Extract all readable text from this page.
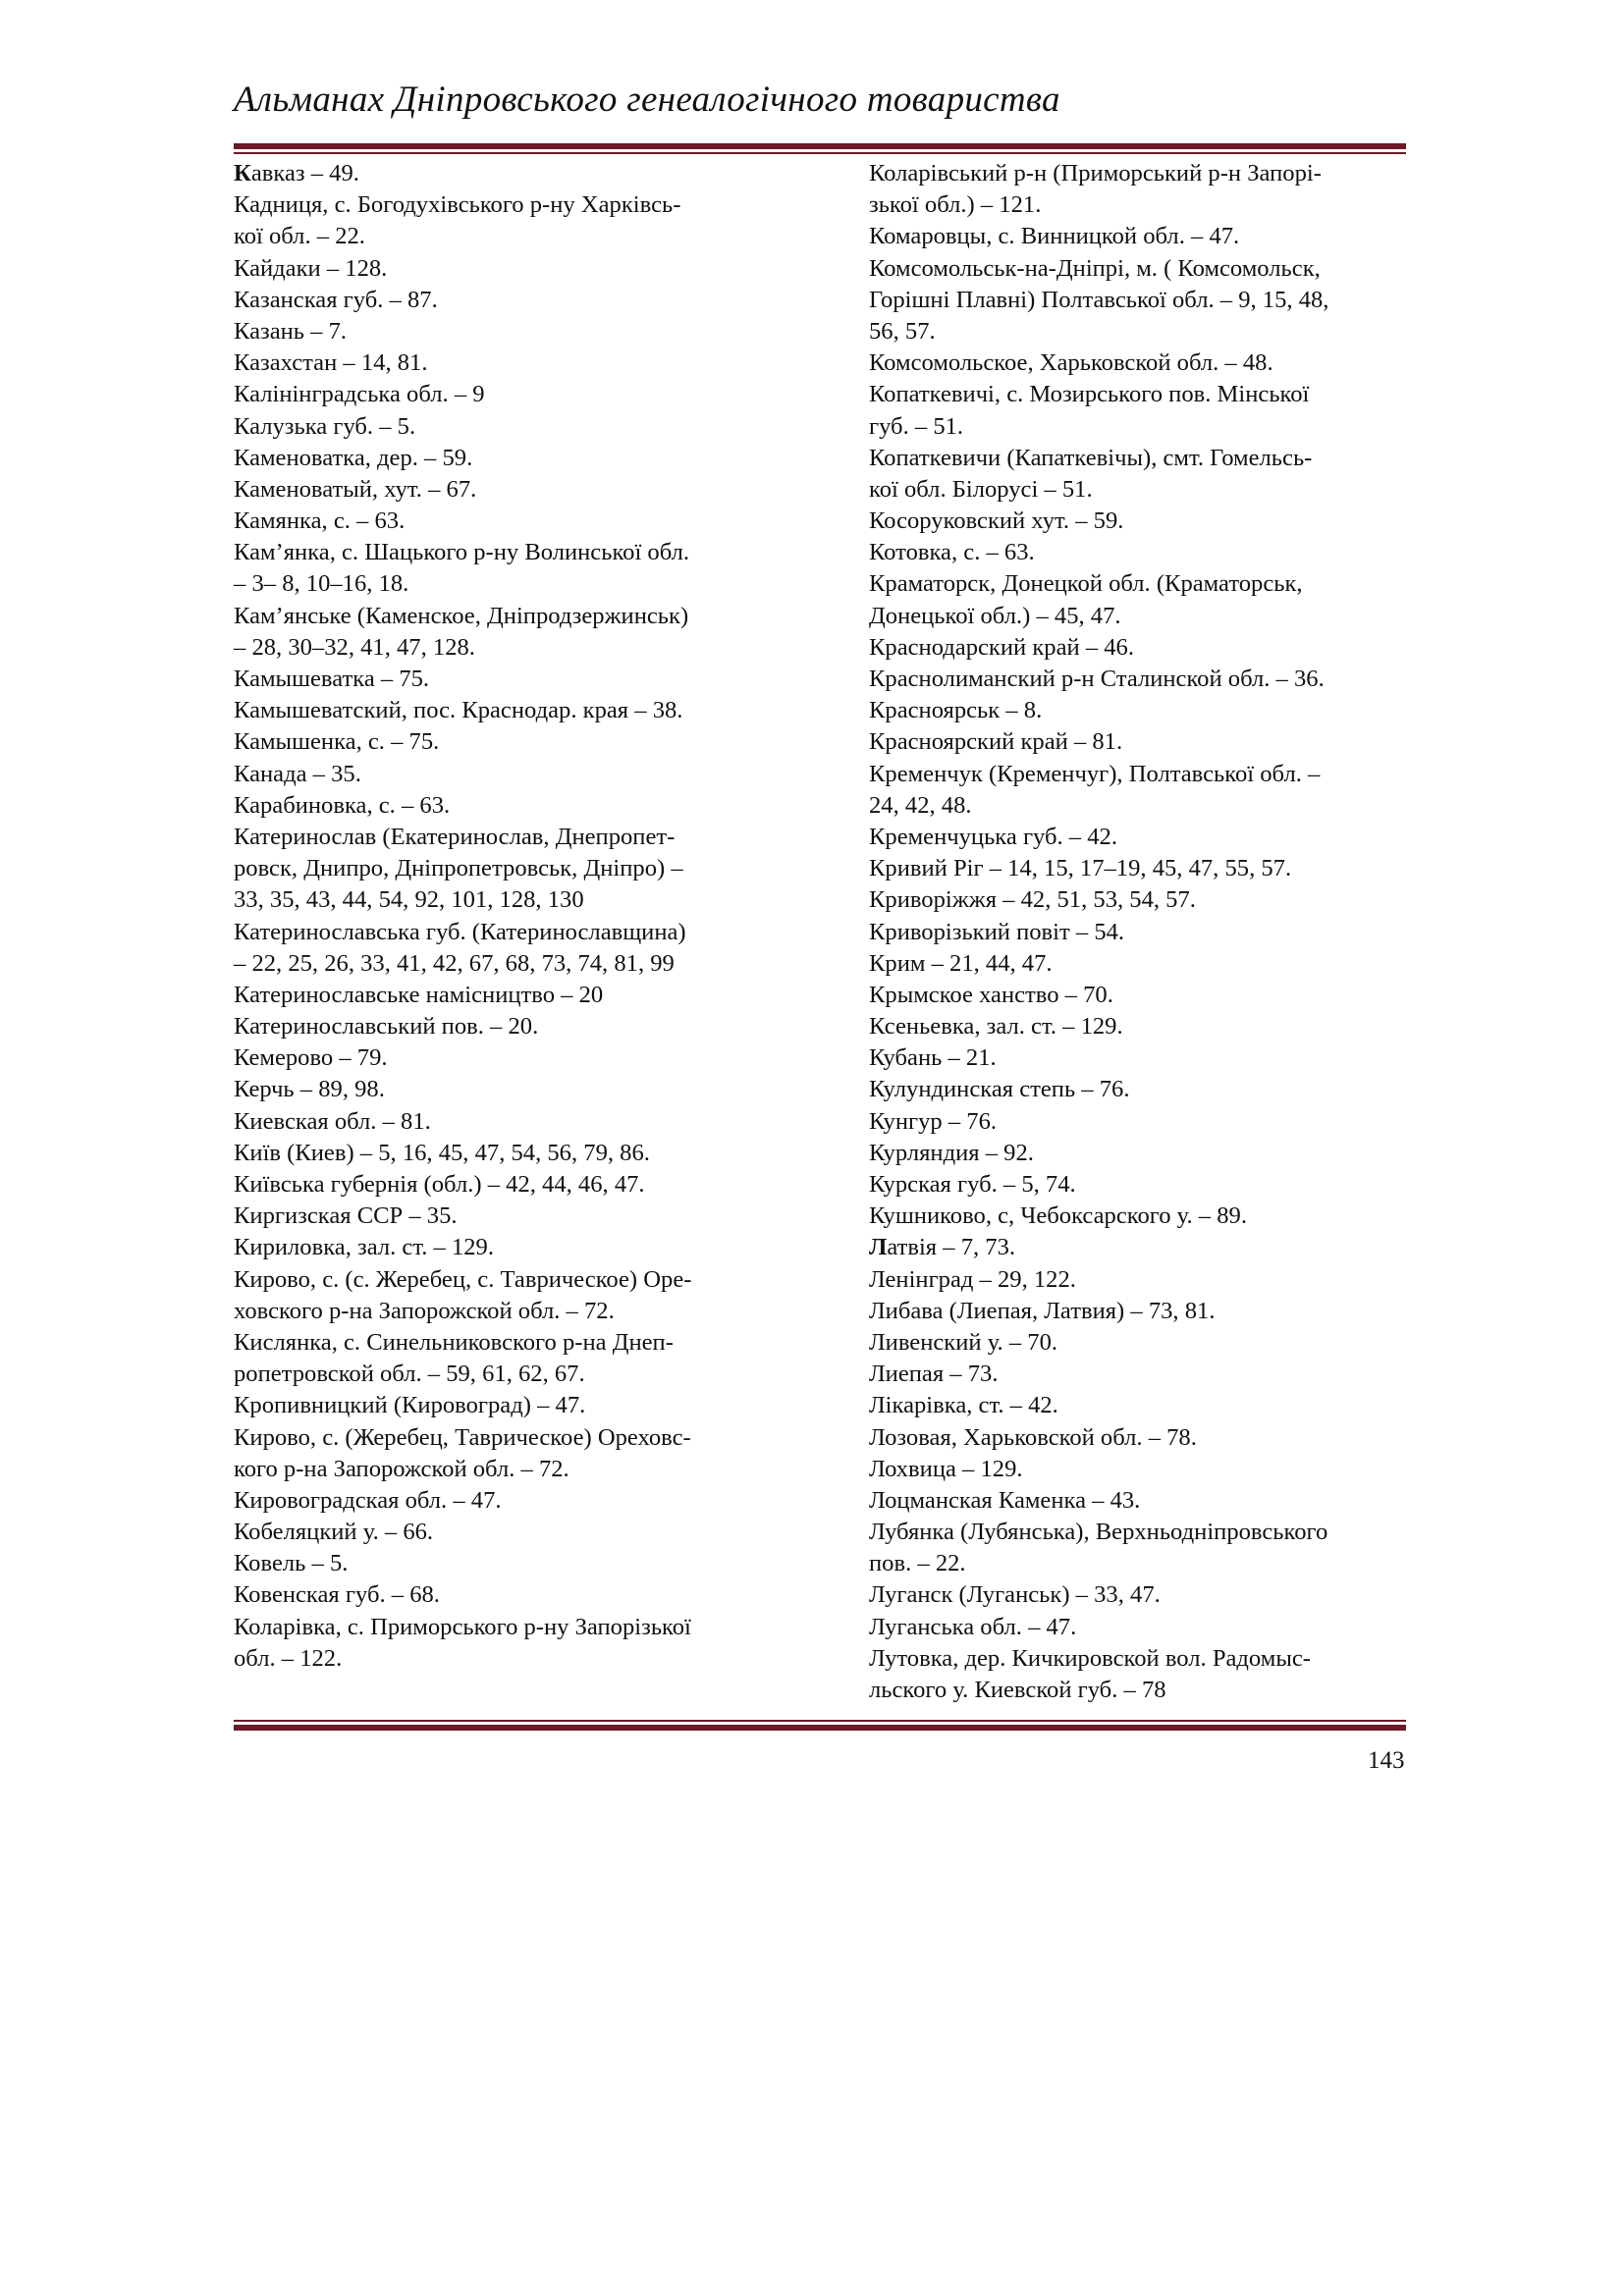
Альманах Дніпровського генеалогічного товариства
Кавказ – 49.
Кадниця, с. Богодухівського р-ну Харківсь-
кої обл. – 22.
Кайдаки – 128.
Казанская губ. – 87.
Казань – 7.
Казахстан – 14, 81.
Калінінградська обл. – 9
Калузька губ. – 5.
Каменоватка, дер. – 59.
Каменоватый, хут. – 67.
Камянка, с. – 63.
Кам’янка, с. Шацького р-ну Волинської обл.
– 3– 8, 10–16, 18.
Кам’янське (Каменское, Дніпродзержинськ)
– 28, 30–32, 41, 47, 128.
Камышеватка – 75.
Камышеватский, пос. Краснодар. края – 38.
Камышенка, с. – 75.
Канада – 35.
Карабиновка, с. – 63.
Катеринослав (Екатеринослав, Днепропет-
ровск, Днипро, Дніпропетровськ, Дніпро) –
33, 35, 43, 44, 54, 92, 101, 128, 130
Катеринославська губ. (Катеринославщина)
– 22, 25, 26, 33, 41, 42, 67, 68, 73, 74, 81, 99
Катеринославське намісництво – 20
Катеринославський пов. – 20.
Кемерово – 79.
Керчь – 89, 98.
Киевская обл. – 81.
Київ (Киев) – 5, 16, 45, 47, 54, 56, 79, 86.
Київська губернія (обл.) – 42, 44, 46, 47.
Киргизская ССР – 35.
Кириловка, зал. ст. – 129.
Кирово, с. (с. Жеребец, с. Таврическое) Оре-
ховского р-на Запорожской обл. – 72.
Кислянка, с. Синельниковского р-на Днеп-
ропетровской обл. – 59, 61, 62, 67.
Кропивницкий (Кировоград) – 47.
Кирово, с. (Жеребец, Таврическое) Ореховс-
кого р-на Запорожской обл. – 72.
Кировоградская обл. – 47.
Кобеляцкий у. – 66.
Ковель – 5.
Ковенская губ. – 68.
Коларівка, с. Приморського р-ну Запорізької
обл. – 122.
Коларівський р-н (Приморський р-н Запорі-
зької обл.) – 121.
Комаровцы, с. Винницкой обл. – 47.
Комсомольськ-на-Дніпрі, м. ( Комсомольск,
Горішні Плавні) Полтавської обл. – 9, 15, 48,
56, 57.
Комсомольское, Харьковской обл. – 48.
Копаткевичі, с. Мозирського пов. Мінської
губ. – 51.
Копаткевичи (Капаткевічы), смт. Гомельсь-
кої обл. Білорусі – 51.
Косоруковский хут. – 59.
Котовка, с. – 63.
Краматорск, Донецкой обл. (Краматорськ,
Донецької обл.) – 45, 47.
Краснодарский край – 46.
Краснолиманский р-н Сталинской обл. – 36.
Красноярськ – 8.
Красноярский край – 81.
Кременчук (Кременчуг), Полтавської обл. –
24, 42, 48.
Кременчуцька губ. – 42.
Кривий Ріг – 14, 15, 17–19, 45, 47, 55, 57.
Криворіжжя – 42, 51, 53, 54, 57.
Криворізький повіт – 54.
Крим – 21, 44, 47.
Крымское ханство – 70.
Ксеньевка, зал. ст. – 129.
Кубань – 21.
Кулундинская степь – 76.
Кунгур – 76.
Курляндия – 92.
Курская губ. – 5, 74.
Кушниково, с, Чебоксарского у. – 89.
Латвія – 7, 73.
Ленінград – 29, 122.
Либава (Лиепая, Латвия) – 73, 81.
Ливенский у. – 70.
Лиепая – 73.
Лікарівка, ст. – 42.
Лозовая, Харьковской обл. – 78.
Лохвица – 129.
Лоцманская Каменка – 43.
Лубянка (Лубянська), Верхньодніпровського
пов. – 22.
Луганск (Луганськ) – 33, 47.
Луганська обл. – 47.
Лутовка, дер. Кичкировской вол. Радомыс-
льского у. Киевской губ. – 78
143
